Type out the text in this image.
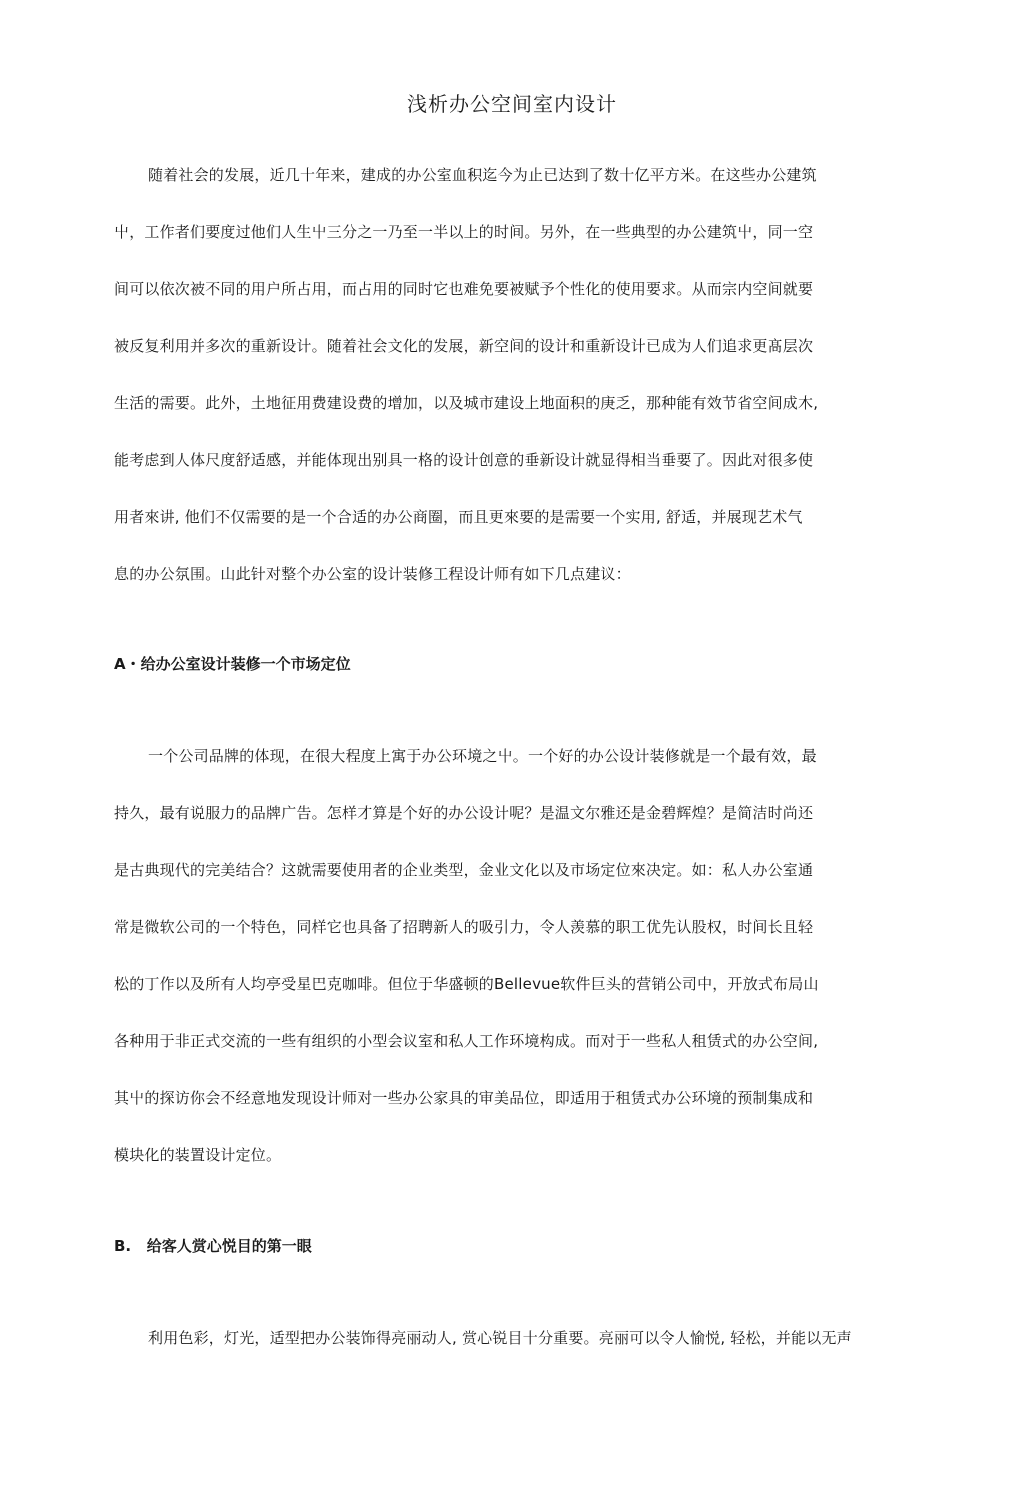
浅析办公空间室内设计
随着社会的发展，近几十年来，建成的办公室血积迄今为止已达到了数十亿平方米。在这些办公建筑
屮，工作者们要度过他们人生屮三分之一乃至一半以上的时间。另外，在一些典型的办公建筑屮，同一空
间可以依次被不同的用户所占用，而占用的同时它也难免要被赋予个性化的使用要求。从而宗内空间就要
被反复利用并多次的重新设计。随着社会文化的发展，新空间的设计和重新设计已成为人们追求更髙层次
生活的需要。此外，土地征用费建设费的增加，以及城市建设上地面积的庚乏，那种能有效节省空间成木,
能考虑到人体尺度舒适感，并能体现出别具一格的设计创意的垂新设计就显得相当垂要了。因此对很多使
用者來讲, 他们不仅需要的是一个合适的办公商圈，而且更來要的是需要一个实用, 舒适，并展现艺术气
息的办公氛围。山此针对整个办公室的设计装修工程设计师有如下几点建议：
A・给办公室设计装修一个市场定位
一个公司品牌的体现，在很大程度上寓于办公环境之屮。一个好的办公设计装修就是一个最有效，最
持久，最有说服力的品牌广告。怎样才算是个好的办公设计呢？是温文尔雅还是金碧辉煌？是简洁时尚还
是古典现代的完美结合？这就需要使用者的企业类型，金业文化以及市场定位來决定。如：私人办公室通
常是微软公司的一个特色，同样它也具备了招聘新人的吸引力，令人羡慕的职工优先认股权，时间长且轻
松的丁作以及所有人均亭受星巴克咖啡。但位于华盛顿的Bellevue软件巨头的营销公司中，开放式布局山
各种用于非正式交流的一些有组织的小型会议室和私人工作环境构成。而对于一些私人租赁式的办公空间,
其屮的探访你会不经意地发现设计师对一些办公家具的审美品位，即适用于租赁式办公环境的预制集成和
模块化的装置设计定位。
B.   给客人赏心悦目的第一眼
利用色彩，灯光，适型把办公装饰得亮丽动人, 赏心锐目十分重要。亮丽可以令人愉悦, 轻松，并能以无声
